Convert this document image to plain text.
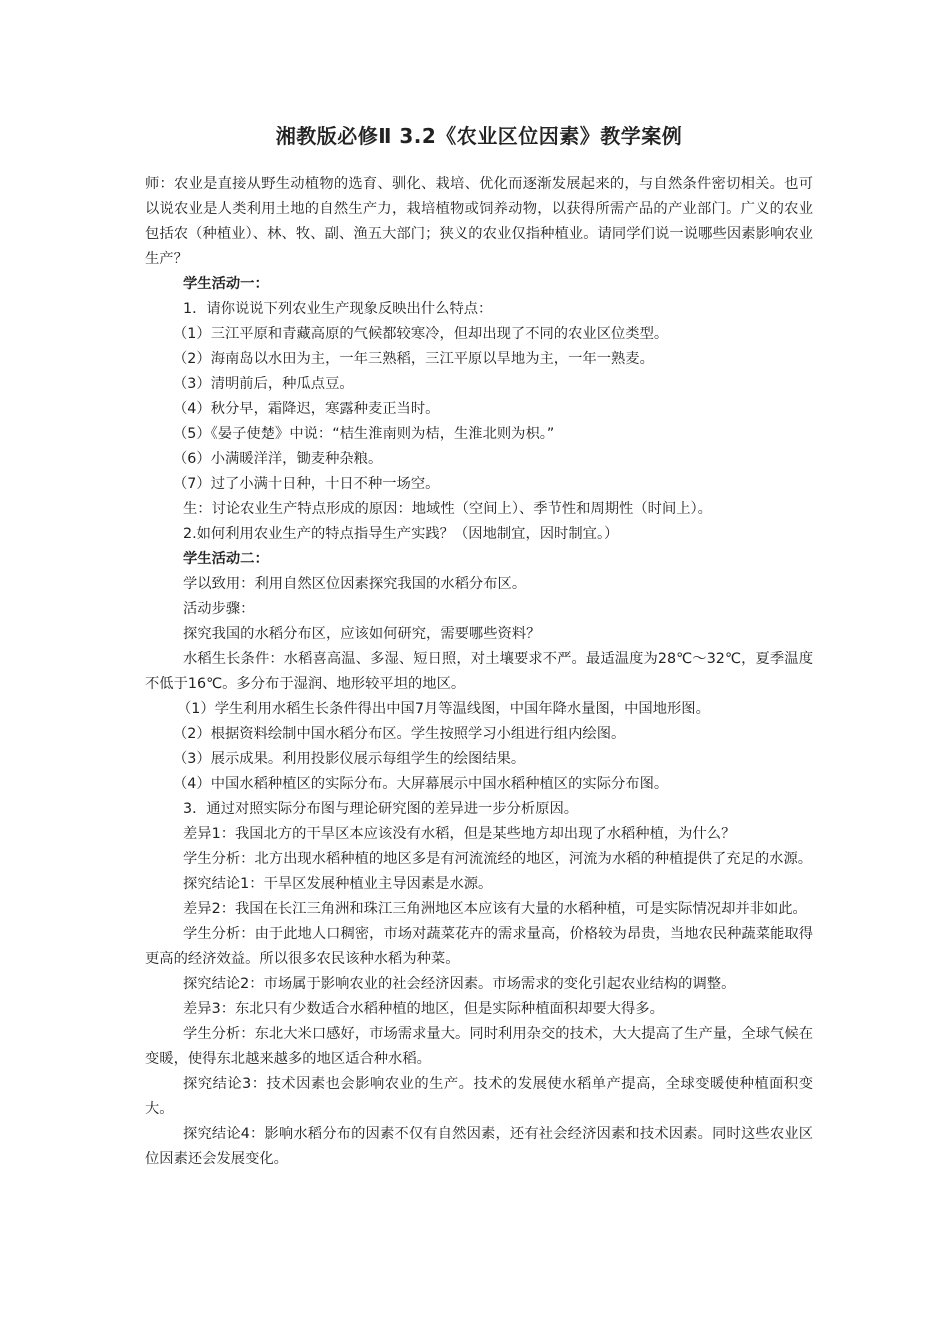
湘教版必修Ⅱ 3.2《农业区位因素》教学案例

师：农业是直接从野生动植物的选育、驯化、栽培、优化而逐渐发展起来的，与自然条件密切相关。也可以说农业是人类利用土地的自然生产力，栽培植物或饲养动物，以获得所需产品的产业部门。广义的农业包括农（种植业）、林、牧、副、渔五大部门；狭义的农业仅指种植业。请同学们说一说哪些因素影响农业生产？

学生活动一：

1．请你说说下列农业生产现象反映出什么特点：

（1）三江平原和青藏高原的气候都较寒冷，但却出现了不同的农业区位类型。

（2）海南岛以水田为主，一年三熟稻，三江平原以旱地为主，一年一熟麦。

（3）清明前后，种瓜点豆。

（4）秋分早，霜降迟，寒露种麦正当时。

（5）《晏子使楚》中说：“桔生淮南则为桔，生淮北则为枳。”

（6）小满暖洋洋，锄麦种杂粮。

（7）过了小满十日种，十日不种一场空。

生：讨论农业生产特点形成的原因：地域性（空间上）、季节性和周期性（时间上）。

2.如何利用农业生产的特点指导生产实践？（因地制宜，因时制宜。）

学生活动二：

学以致用：利用自然区位因素探究我国的水稻分布区。

活动步骤：

探究我国的水稻分布区，应该如何研究，需要哪些资料？

水稻生长条件：水稻喜高温、多湿、短日照，对土壤要求不严。最适温度为28℃～32℃，夏季温度不低于16℃。多分布于湿润、地形较平坦的地区。

（1）学生利用水稻生长条件得出中国7月等温线图，中国年降水量图，中国地形图。

（2）根据资料绘制中国水稻分布区。学生按照学习小组进行组内绘图。

（3）展示成果。利用投影仪展示每组学生的绘图结果。

（4）中国水稻种植区的实际分布。大屏幕展示中国水稻种植区的实际分布图。

3．通过对照实际分布图与理论研究图的差异进一步分析原因。

差异1：我国北方的干旱区本应该没有水稻，但是某些地方却出现了水稻种植，为什么？

学生分析：北方出现水稻种植的地区多是有河流流经的地区，河流为水稻的种植提供了充足的水源。

探究结论1：干旱区发展种植业主导因素是水源。

差异2：我国在长江三角洲和珠江三角洲地区本应该有大量的水稻种植，可是实际情况却并非如此。

学生分析：由于此地人口稠密，市场对蔬菜花卉的需求量高，价格较为昂贵，当地农民种蔬菜能取得更高的经济效益。所以很多农民该种水稻为种菜。

探究结论2：市场属于影响农业的社会经济因素。市场需求的变化引起农业结构的调整。

差异3：东北只有少数适合水稻种植的地区，但是实际种植面积却要大得多。

学生分析：东北大米口感好，市场需求量大。同时利用杂交的技术，大大提高了生产量，全球气候在变暖，使得东北越来越多的地区适合种水稻。

探究结论3：技术因素也会影响农业的生产。技术的发展使水稻单产提高，全球变暖使种植面积变大。

探究结论4：影响水稻分布的因素不仅有自然因素，还有社会经济因素和技术因素。同时这些农业区位因素还会发展变化。
